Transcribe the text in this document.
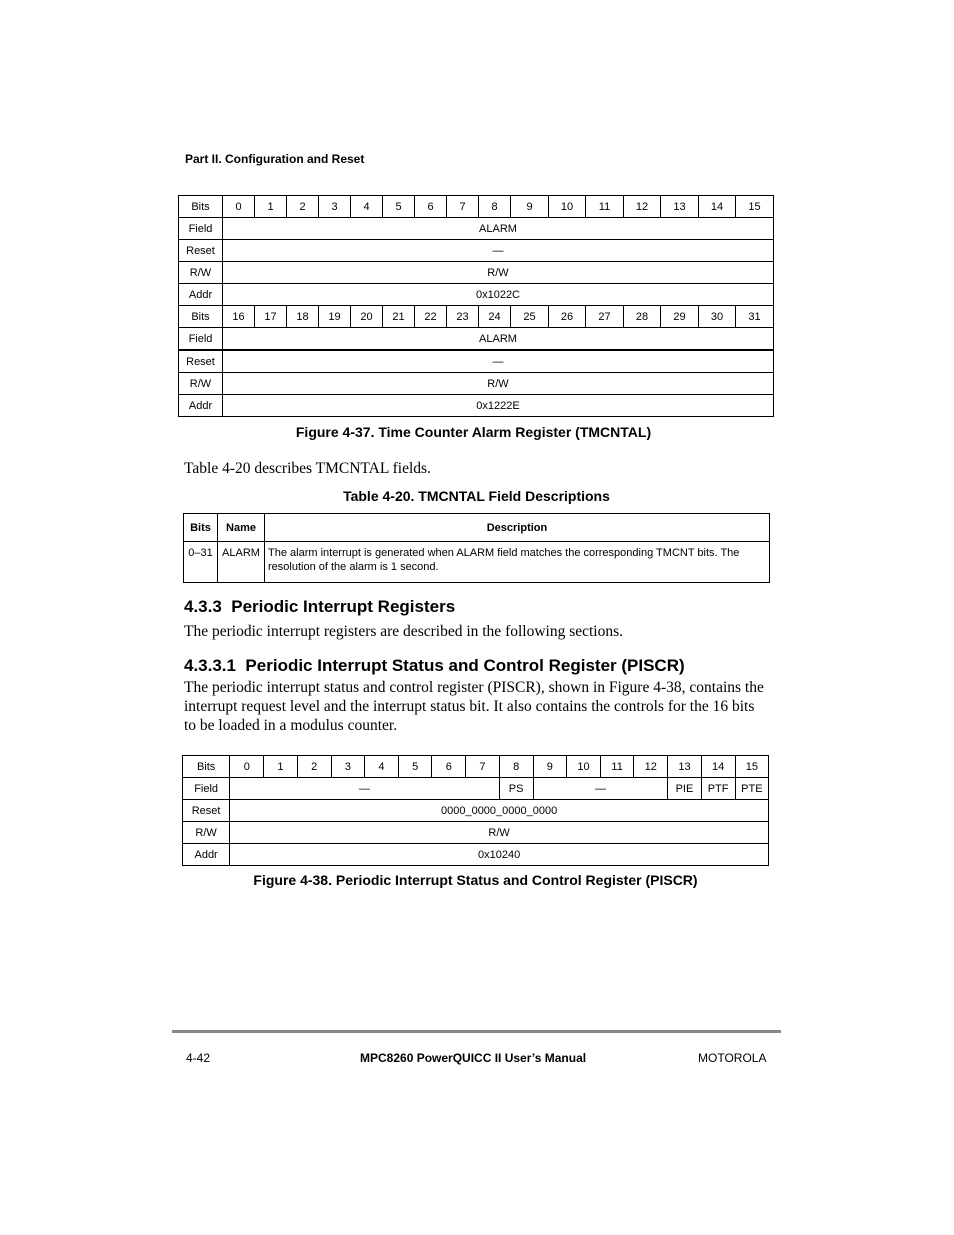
Part II. Configuration and Reset
Bits	0	1	2	3	4	5	6	7	8	9	10	11	12	13	14	15
Field	ALARM															
Reset	—															
R/W	R/W															
Addr	0x1022C															
Bits	16	17	18	19	20	21	22	23	24	25	26	27	28	29	30	31
Field	ALARM															
Reset	—															
R/W	R/W															
Addr	0x1222E															
Figure 4-37. Time Counter Alarm Register (TMCNTAL)
Table 4-20 describes TMCNTAL fields.
Table 4-20. TMCNTAL Field Descriptions
Bits	Name	Description
0–31	ALARM	The alarm interrupt is generated when ALARM field matches the corresponding TMCNT bits. The resolution of the alarm is 1 second.
4.3.3  Periodic Interrupt Registers
The periodic interrupt registers are described in the following sections.
4.3.3.1  Periodic Interrupt Status and Control Register (PISCR)
The periodic interrupt status and control register (PISCR), shown in Figure 4-38, contains the interrupt request level and the interrupt status bit. It also contains the controls for the 16 bits to be loaded in a modulus counter.
Bits	0	1	2	3	4	5	6	7	8	9	10	11	12	13	14	15
Field	—								PS	—				PIE	PTF	PTE
Reset	0000_0000_0000_0000															
R/W	R/W															
Addr	0x10240															
Figure 4-38. Periodic Interrupt Status and Control Register (PISCR)
4-42	MPC8260 PowerQUICC II User’s Manual	MOTOROLA
